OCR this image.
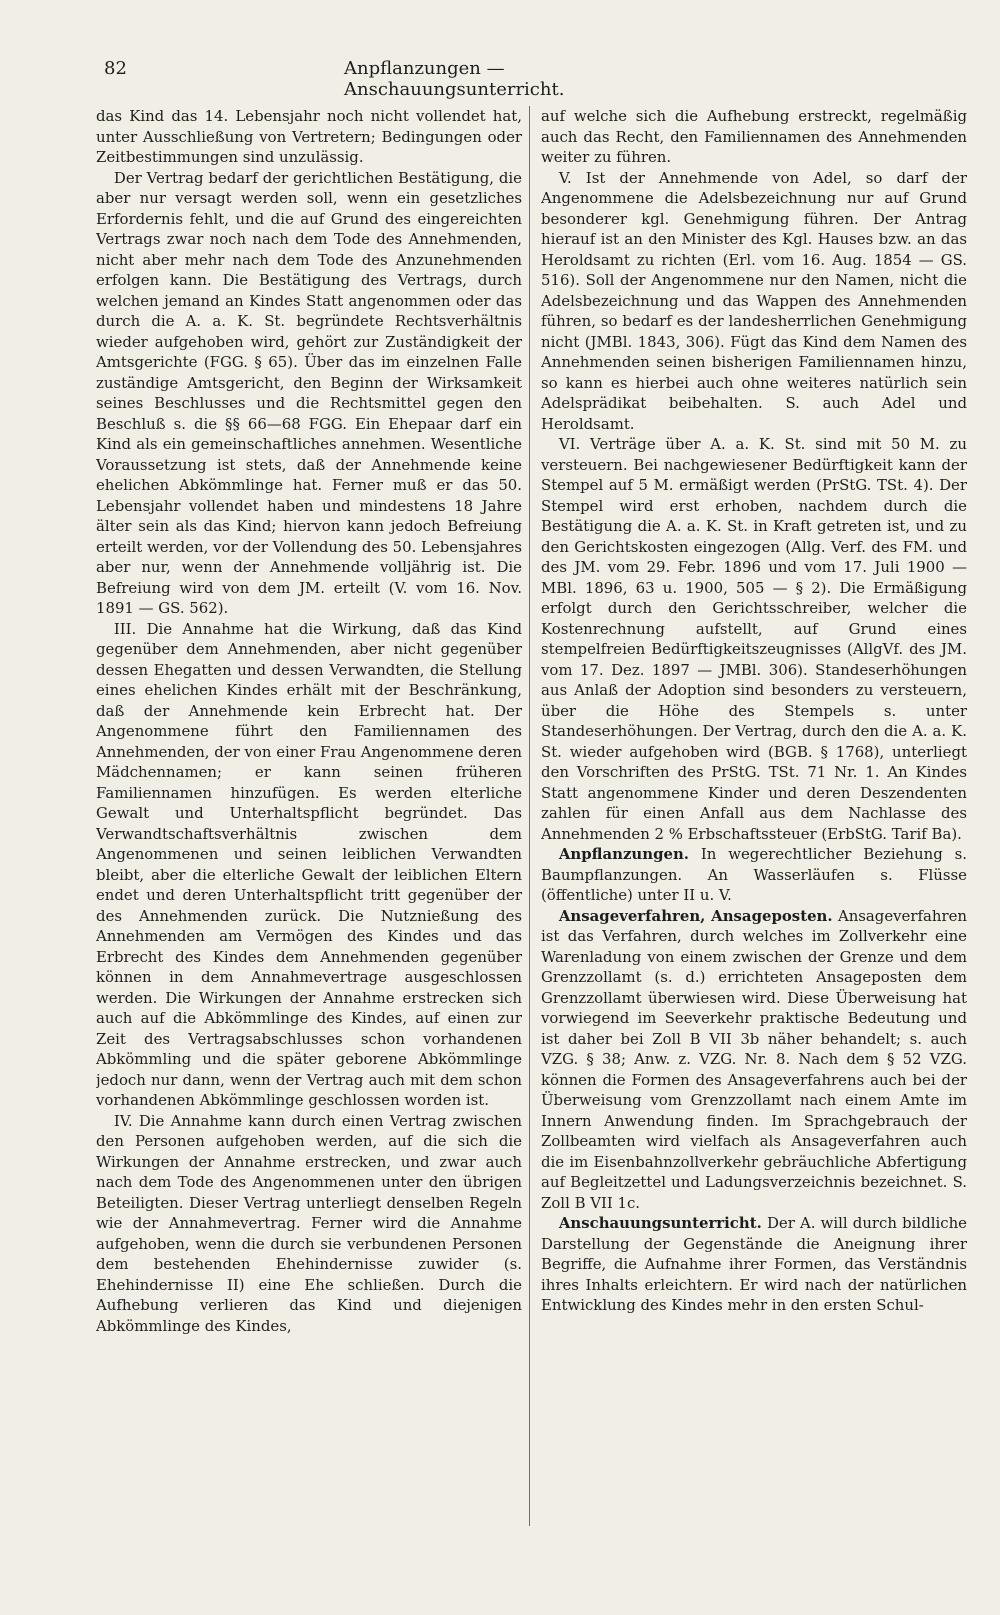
82	Anpflanzungen — Anschauungsunterricht.

das Kind das 14. Lebensjahr noch nicht vollendet hat, unter Ausschließung von Vertretern; Bedingungen oder Zeitbestimmungen sind unzulässig.

Der Vertrag bedarf der gerichtlichen Bestätigung, die aber nur versagt werden soll, wenn ein gesetzliches Erfordernis fehlt, und die auf Grund des eingereichten Vertrags zwar noch nach dem Tode des Annehmenden, nicht aber mehr nach dem Tode des Anzunehmenden erfolgen kann. Die Bestätigung des Vertrags, durch welchen jemand an Kindes Statt angenommen oder das durch die A. a. K. St. begründete Rechtsverhältnis wieder aufgehoben wird, gehört zur Zuständigkeit der Amtsgerichte (FGG. § 65). Über das im einzelnen Falle zuständige Amtsgericht, den Beginn der Wirksamkeit seines Beschlusses und die Rechtsmittel gegen den Beschluß s. die §§ 66—68 FGG. Ein Ehepaar darf ein Kind als ein gemeinschaftliches annehmen. Wesentliche Voraussetzung ist stets, daß der Annehmende keine ehelichen Abkömmlinge hat. Ferner muß er das 50. Lebensjahr vollendet haben und mindestens 18 Jahre älter sein als das Kind; hiervon kann jedoch Befreiung erteilt werden, vor der Vollendung des 50. Lebensjahres aber nur, wenn der Annehmende volljährig ist. Die Befreiung wird von dem JM. erteilt (V. vom 16. Nov. 1891 — GS. 562).

III. Die Annahme hat die Wirkung, daß das Kind gegenüber dem Annehmenden, aber nicht gegenüber dessen Ehegatten und dessen Verwandten, die Stellung eines ehelichen Kindes erhält mit der Beschränkung, daß der Annehmende kein Erbrecht hat. Der Angenommene führt den Familiennamen des Annehmenden, der von einer Frau Angenommene deren Mädchennamen; er kann seinen früheren Familiennamen hinzufügen. Es werden elterliche Gewalt und Unterhaltspflicht begründet. Das Verwandtschaftsverhältnis zwischen dem Angenommenen und seinen leiblichen Verwandten bleibt, aber die elterliche Gewalt der leiblichen Eltern endet und deren Unterhaltspflicht tritt gegenüber der des Annehmenden zurück. Die Nutznießung des Annehmenden am Vermögen des Kindes und das Erbrecht des Kindes dem Annehmenden gegenüber können in dem Annahmevertrage ausgeschlossen werden. Die Wirkungen der Annahme erstrecken sich auch auf die Abkömmlinge des Kindes, auf einen zur Zeit des Vertragsabschlusses schon vorhandenen Abkömmling und die später geborene Abkömmlinge jedoch nur dann, wenn der Vertrag auch mit dem schon vorhandenen Abkömmlinge geschlossen worden ist.

IV. Die Annahme kann durch einen Vertrag zwischen den Personen aufgehoben werden, auf die sich die Wirkungen der Annahme erstrecken, und zwar auch nach dem Tode des Angenommenen unter den übrigen Beteiligten. Dieser Vertrag unterliegt denselben Regeln wie der Annahmevertrag. Ferner wird die Annahme aufgehoben, wenn die durch sie verbundenen Personen dem bestehenden Ehehindernisse zuwider (s. Ehehindernisse II) eine Ehe schließen. Durch die Aufhebung verlieren das Kind und diejenigen Abkömmlinge des Kindes,

auf welche sich die Aufhebung erstreckt, regelmäßig auch das Recht, den Familiennamen des Annehmenden weiter zu führen.

V. Ist der Annehmende von Adel, so darf der Angenommene die Adelsbezeichnung nur auf Grund besonderer kgl. Genehmigung führen. Der Antrag hierauf ist an den Minister des Kgl. Hauses bzw. an das Heroldsamt zu richten (Erl. vom 16. Aug. 1854 — GS. 516). Soll der Angenommene nur den Namen, nicht die Adelsbezeichnung und das Wappen des Annehmenden führen, so bedarf es der landesherrlichen Genehmigung nicht (JMBl. 1843, 306). Fügt das Kind dem Namen des Annehmenden seinen bisherigen Familiennamen hinzu, so kann es hierbei auch ohne weiteres natürlich sein Adelsprädikat beibehalten. S. auch Adel und Heroldsamt.

VI. Verträge über A. a. K. St. sind mit 50 M. zu versteuern. Bei nachgewiesener Bedürftigkeit kann der Stempel auf 5 M. ermäßigt werden (PrStG. TSt. 4). Der Stempel wird erst erhoben, nachdem durch die Bestätigung die A. a. K. St. in Kraft getreten ist, und zu den Gerichtskosten eingezogen (Allg. Verf. des FM. und des JM. vom 29. Febr. 1896 und vom 17. Juli 1900 — MBl. 1896, 63 u. 1900, 505 — § 2). Die Ermäßigung erfolgt durch den Gerichtsschreiber, welcher die Kostenrechnung aufstellt, auf Grund eines stempelfreien Bedürftigkeitszeugnisses (AllgVf. des JM. vom 17. Dez. 1897 — JMBl. 306). Standeserhöhungen aus Anlaß der Adoption sind besonders zu versteuern, über die Höhe des Stempels s. unter Standeserhöhungen. Der Vertrag, durch den die A. a. K. St. wieder aufgehoben wird (BGB. § 1768), unterliegt den Vorschriften des PrStG. TSt. 71 Nr. 1. An Kindes Statt angenommene Kinder und deren Deszendenten zahlen für einen Anfall aus dem Nachlasse des Annehmenden 2 % Erbschaftssteuer (ErbStG. Tarif Ba).

Anpflanzungen. In wegerechtlicher Beziehung s. Baumpflanzungen. An Wasserläufen s. Flüsse (öffentliche) unter II u. V.

Ansageverfahren, Ansageposten. Ansageverfahren ist das Verfahren, durch welches im Zollverkehr eine Warenladung von einem zwischen der Grenze und dem Grenzzollamt (s. d.) errichteten Ansageposten dem Grenzzollamt überwiesen wird. Diese Überweisung hat vorwiegend im Seeverkehr praktische Bedeutung und ist daher bei Zoll B VII 3b näher behandelt; s. auch VZG. § 38; Anw. z. VZG. Nr. 8. Nach dem § 52 VZG. können die Formen des Ansageverfahrens auch bei der Überweisung vom Grenzzollamt nach einem Amte im Innern Anwendung finden. Im Sprachgebrauch der Zollbeamten wird vielfach als Ansageverfahren auch die im Eisenbahnzollverkehr gebräuchliche Abfertigung auf Begleitzettel und Ladungsverzeichnis bezeichnet. S. Zoll B VII 1c.

Anschauungsunterricht. Der A. will durch bildliche Darstellung der Gegenstände die Aneignung ihrer Begriffe, die Aufnahme ihrer Formen, das Verständnis ihres Inhalts erleichtern. Er wird nach der natürlichen Entwicklung des Kindes mehr in den ersten Schul-
